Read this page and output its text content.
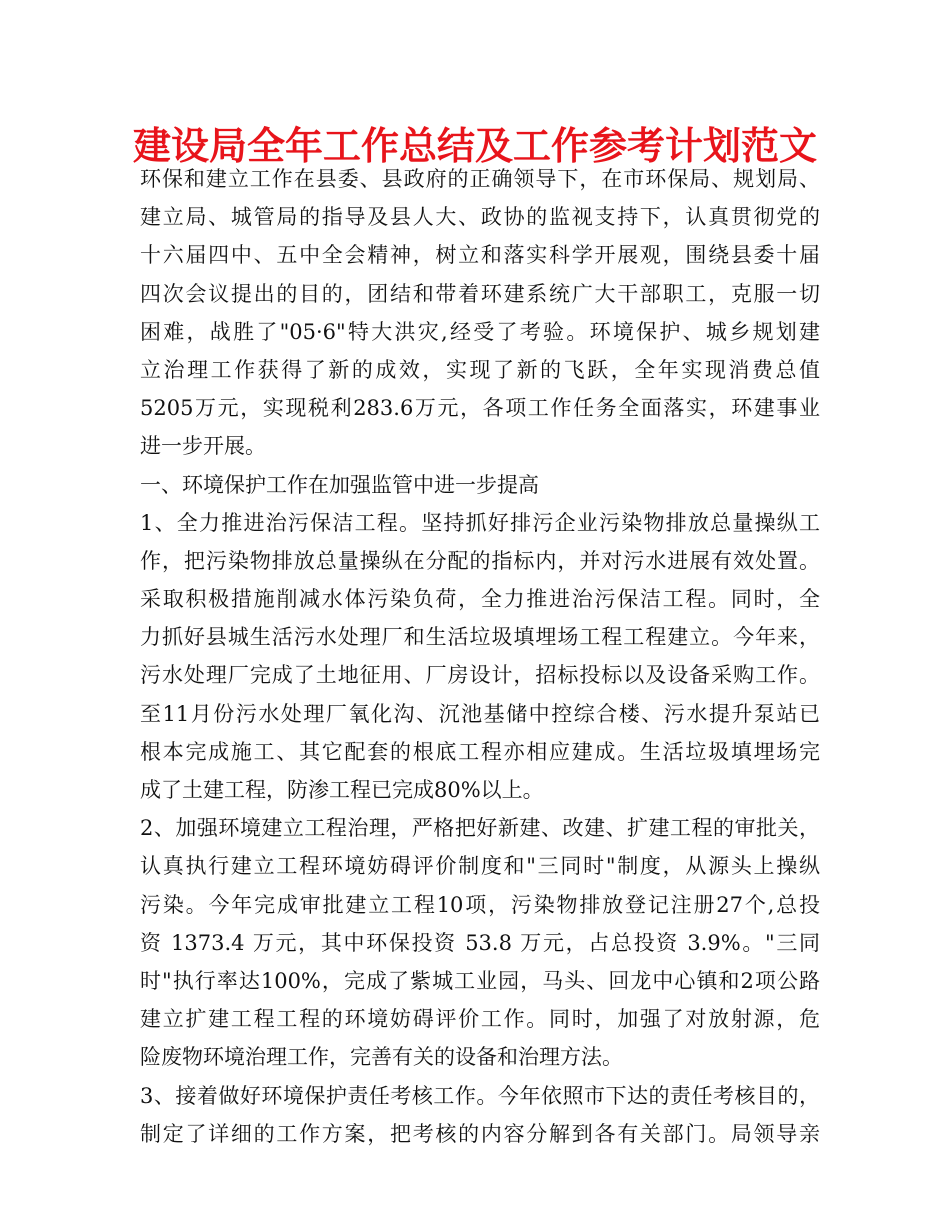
建设局全年工作总结及工作参考计划范文
环保和建立工作在县委、县政府的正确领导下，在市环保局、规划局、
建立局、城管局的指导及县人大、政协的监视支持下，认真贯彻党的
十六届四中、五中全会精神，树立和落实科学开展观，围绕县委十届
四次会议提出的目的，团结和带着环建系统广大干部职工，克服一切
困难，战胜了"05·6"特大洪灾,经受了考验。环境保护、城乡规划建
立治理工作获得了新的成效，实现了新的飞跃，全年实现消费总值
5205万元，实现税利283.6万元，各项工作任务全面落实，环建事业
进一步开展。
一、环境保护工作在加强监管中进一步提高
1、全力推进治污保洁工程。坚持抓好排污企业污染物排放总量操纵工
作，把污染物排放总量操纵在分配的指标内，并对污水进展有效处置。
采取积极措施削减水体污染负荷，全力推进治污保洁工程。同时，全
力抓好县城生活污水处理厂和生活垃圾填埋场工程工程建立。今年来，
污水处理厂完成了土地征用、厂房设计，招标投标以及设备采购工作。
至11月份污水处理厂氧化沟、沉池基储中控综合楼、污水提升泵站已
根本完成施工、其它配套的根底工程亦相应建成。生活垃圾填埋场完
成了土建工程，防渗工程已完成80%以上。
2、加强环境建立工程治理，严格把好新建、改建、扩建工程的审批关，
认真执行建立工程环境妨碍评价制度和"三同时"制度，从源头上操纵
污染。今年完成审批建立工程10项，污染物排放登记注册27个,总投
资 1373.4 万元，其中环保投资 53.8 万元，占总投资 3.9%。"三同
时"执行率达100%，完成了紫城工业园，马头、回龙中心镇和2项公路
建立扩建工程工程的环境妨碍评价工作。同时，加强了对放射源，危
险废物环境治理工作，完善有关的设备和治理方法。
3、接着做好环境保护责任考核工作。今年依照市下达的责任考核目的，
制定了详细的工作方案，把考核的内容分解到各有关部门。局领导亲
